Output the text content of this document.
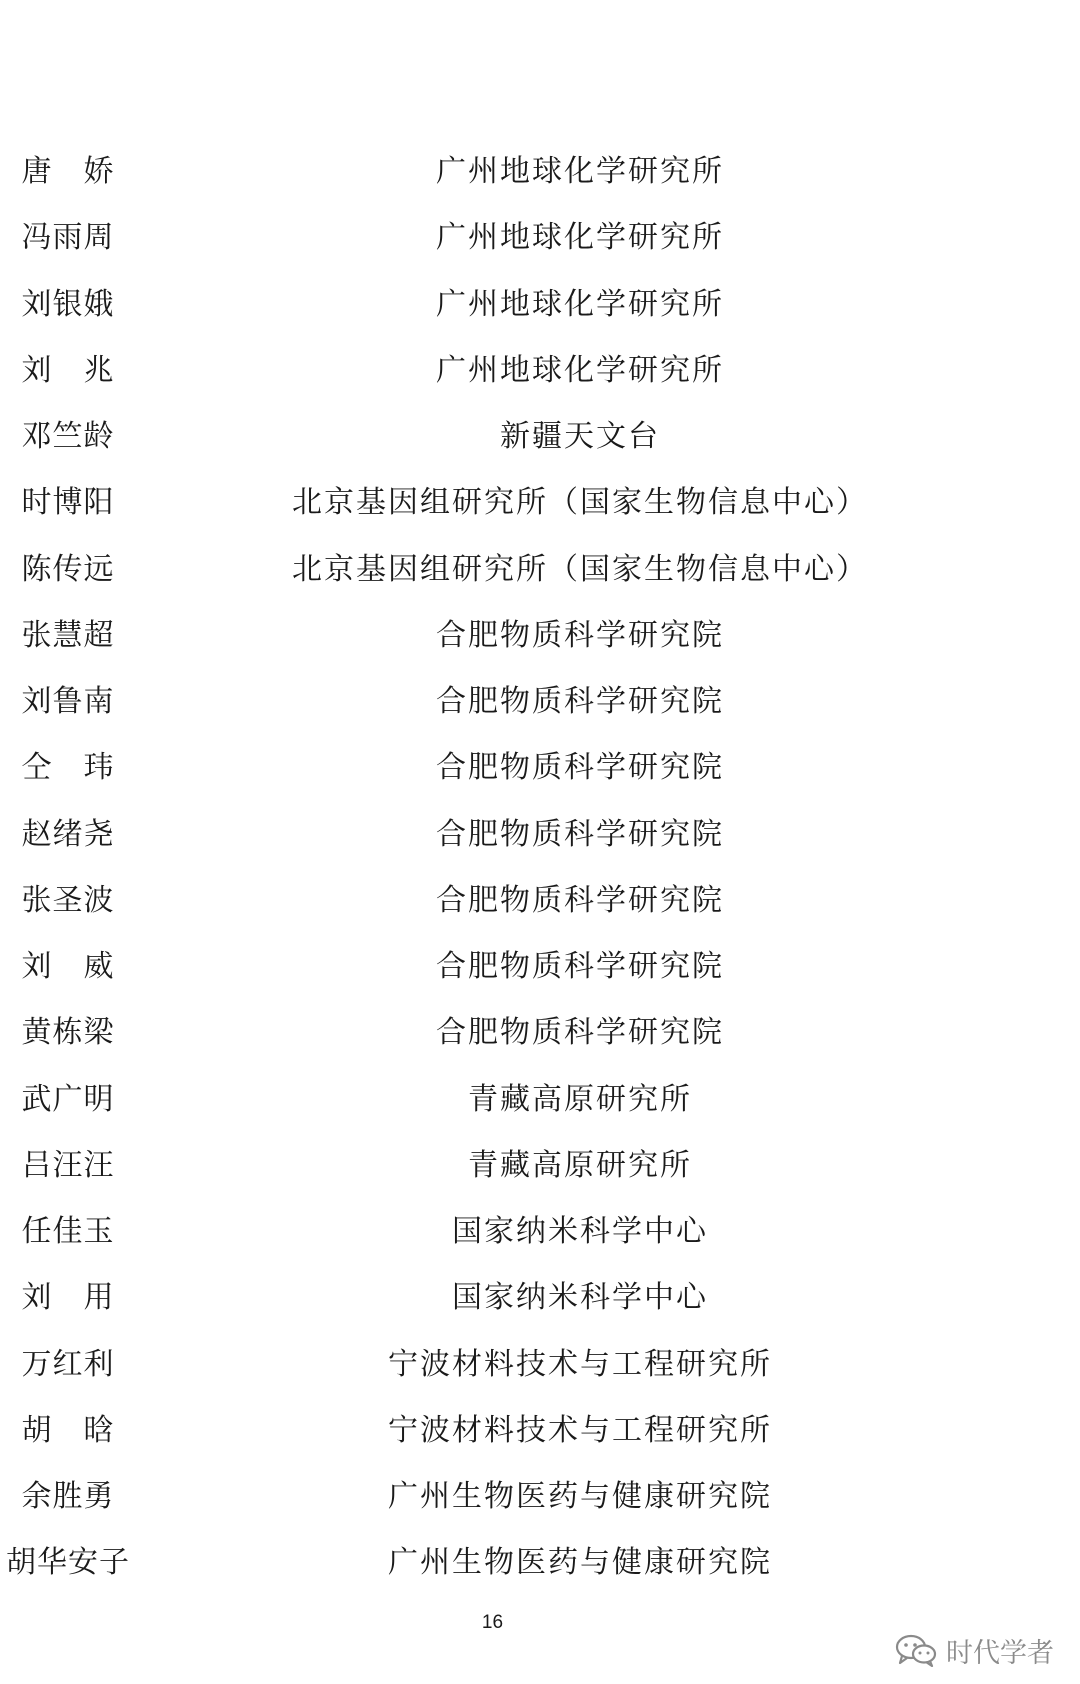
唐　娇	广州地球化学研究所
冯雨周	广州地球化学研究所
刘银娥	广州地球化学研究所
刘　兆	广州地球化学研究所
邓竺龄	新疆天文台
时博阳	北京基因组研究所（国家生物信息中心）
陈传远	北京基因组研究所（国家生物信息中心）
张慧超	合肥物质科学研究院
刘鲁南	合肥物质科学研究院
仝　玮	合肥物质科学研究院
赵绪尧	合肥物质科学研究院
张圣波	合肥物质科学研究院
刘　威	合肥物质科学研究院
黄栋梁	合肥物质科学研究院
武广明	青藏高原研究所
吕汪汪	青藏高原研究所
任佳玉	国家纳米科学中心
刘　用	国家纳米科学中心
万红利	宁波材料技术与工程研究所
胡　晗	宁波材料技术与工程研究所
余胜勇	广州生物医药与健康研究院
胡华安子	广州生物医药与健康研究院
16
时代学者
